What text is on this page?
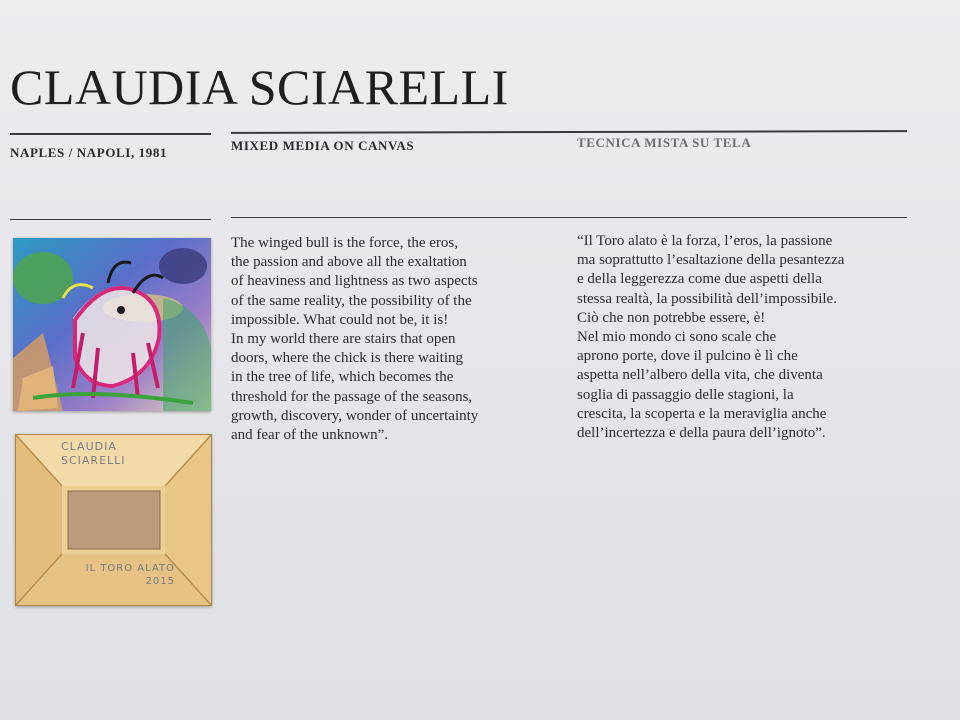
CLAUDIA SCIARELLI
NAPLES / NAPOLI, 1981	MIXED MEDIA ON CANVAS	TECNICA MISTA SU TELA
CLAUDIA
SCIARELLI
IL TORO ALATO
2015
The winged bull is the force, the eros,
the passion and above all the exaltation
of heaviness and lightness as two aspects
of the same reality, the possibility of the
impossible. What could not be, it is!
In my world there are stairs that open
doors, where the chick is there waiting
in the tree of life, which becomes the
threshold for the passage of the seasons,
growth, discovery, wonder of uncertainty
and fear of the unknown”.
“Il Toro alato è la forza, l’eros, la passione
ma soprattutto l’esaltazione della pesantezza
e della leggerezza come due aspetti della
stessa realtà, la possibilità dell’impossibile.
Ciò che non potrebbe essere, è!
Nel mio mondo ci sono scale che
aprono porte, dove il pulcino è lì che
aspetta nell’albero della vita, che diventa
soglia di passaggio delle stagioni, la
crescita, la scoperta e la meraviglia anche
dell’incertezza e della paura dell’ignoto”.
